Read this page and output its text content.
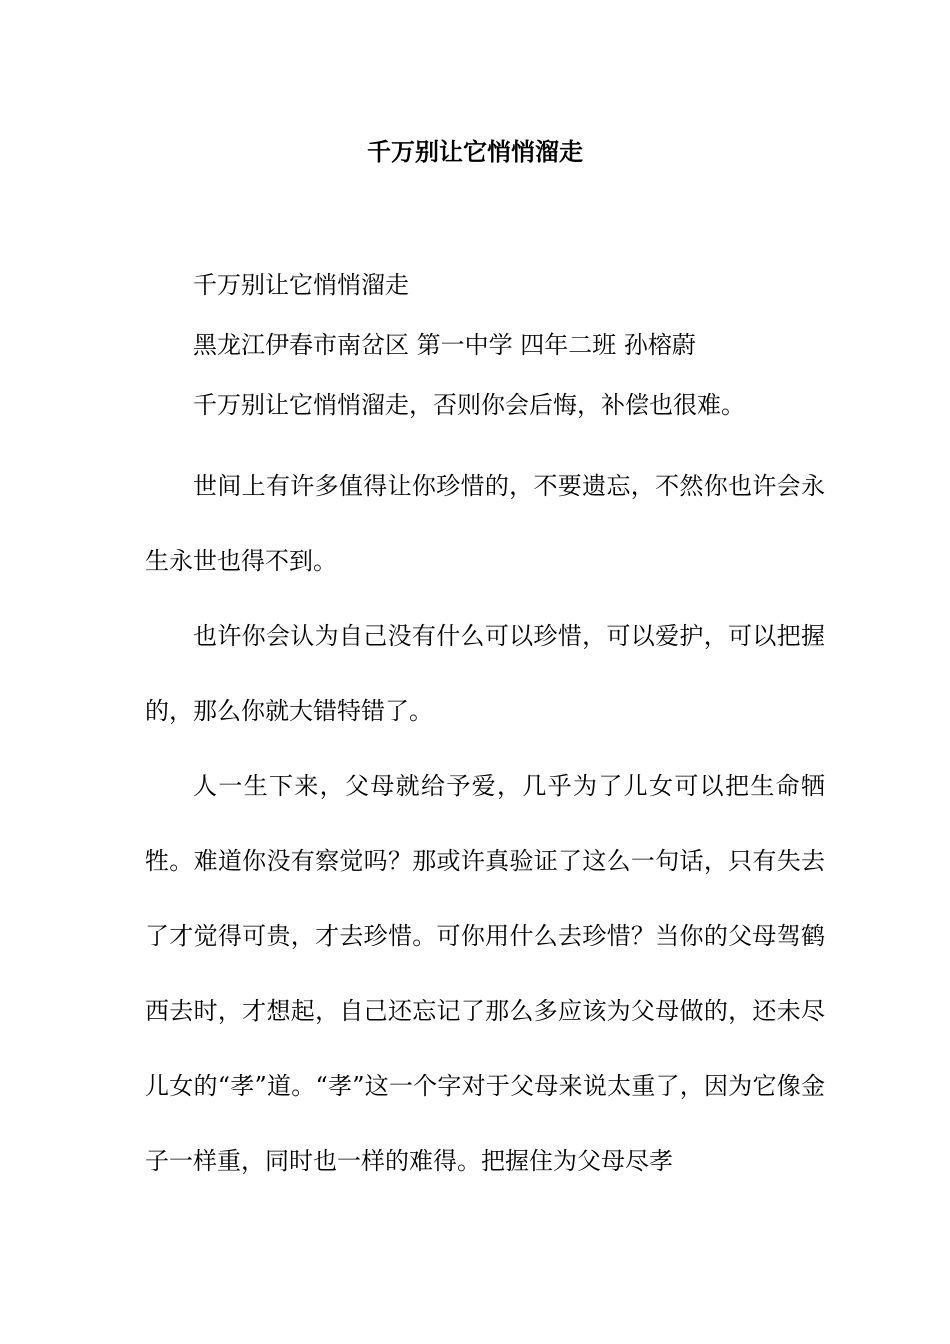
千万别让它悄悄溜走

千万别让它悄悄溜走

黑龙江伊春市南岔区 第一中学 四年二班 孙榕蔚

千万别让它悄悄溜走，否则你会后悔，补偿也很难。

世间上有许多值得让你珍惜的，不要遗忘，不然你也许会永生永世也得不到。

也许你会认为自己没有什么可以珍惜，可以爱护，可以把握的，那么你就大错特错了。

人一生下来，父母就给予爱，几乎为了儿女可以把生命牺牲。难道你没有察觉吗？那或许真验证了这么一句话，只有失去了才觉得可贵，才去珍惜。可你用什么去珍惜？当你的父母驾鹤西去时，才想起，自己还忘记了那么多应该为父母做的，还未尽儿女的“孝”道。“孝”这一个字对于父母来说太重了，因为它像金子一样重，同时也一样的难得。把握住为父母尽孝
